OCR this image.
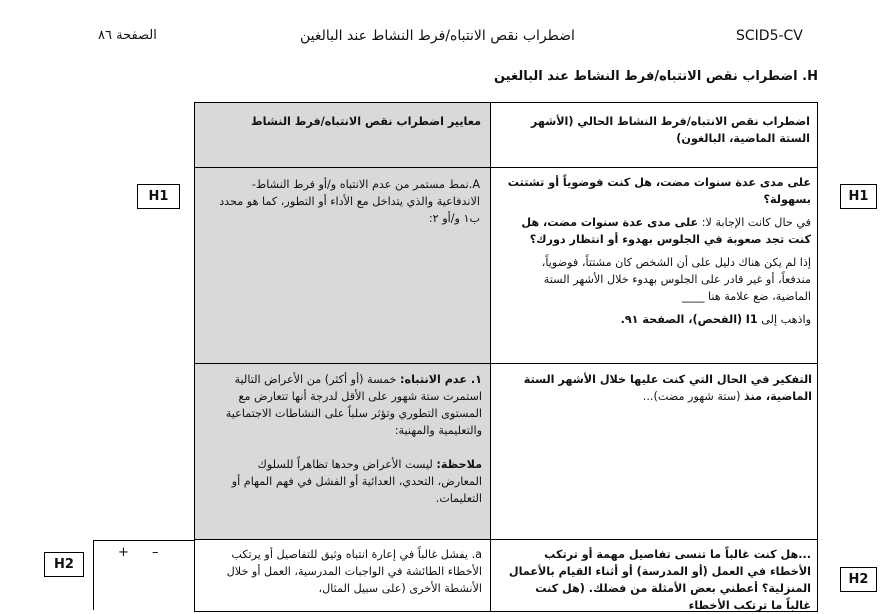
الصفحة ٨٦	اضطراب نقص الانتباه/فرط النشاط عند البالغين	SCID5-CV
H. اضطراب نقص الانتباه/فرط النشاط عند البالغين
اضطراب نقص الانتباه/فرط النشاط الحالي (الأشهر الستة الماضية، البالغون)
معايير اضطراب نقص الانتباه/فرط النشاط
H1
H1

على مدى عدة سنوات مضت، هل كنت فوضوياً أو تشتتت بسهولة؟

في حال كانت الإجابة لا: على مدى عدة سنوات مضت، هل كنت تجد صعوبة في الجلوس بهدوء أو انتظار دورك؟

إذا لم يكن هناك دليل على أن الشخص كان مشتتاً، فوضوياً، مندفعاً، أو غير قادر على الجلوس بهدوء خلال الأشهر الستة الماضية، ضع علامة هنا ____

واذهب إلى I1 (الفحص)، الصفحة ٩١.

A.نمط مستمر من عدم الانتباه و/أو فرط النشاط-الاندفاعية والذي يتداخل مع الأداء أو التطور، كما هو محدد ب١ و/أو ٢:
التفكير في الحال التي كنت عليها خلال الأشهر الستة الماضية، منذ (ستة شهور مضت)...

١. عدم الانتباه: خمسة (أو أكثر) من الأعراض التالية استمرت ستة شهور على الأقل لدرجة أنها تتعارض مع المستوى التطوري وتؤثر سلباً على النشاطات الاجتماعية والتعليمية والمهنية:

ملاحظة: ليست الأعراض وحدها تظاهراً للسلوك المعارض، التحدي، العدائية أو الفشل في فهم المهام أو التعليمات.

+ –
H2
H2
...هل كنت غالباً ما تنسى تفاصيل مهمة أو ترتكب الأخطاء في العمل (أو المدرسة) أو أثناء القيام بالأعمال المنزلية؟ أعطني بعض الأمثلة من فضلك. (هل كنت غالباً ما ترتكب الأخطاء
a. يفشل غالباً في إعارة انتباه وثيق للتفاصيل أو يرتكب الأخطاء الطائشة في الواجبات المدرسية، العمل أو خلال الأنشطة الأخرى (على سبيل المثال،
